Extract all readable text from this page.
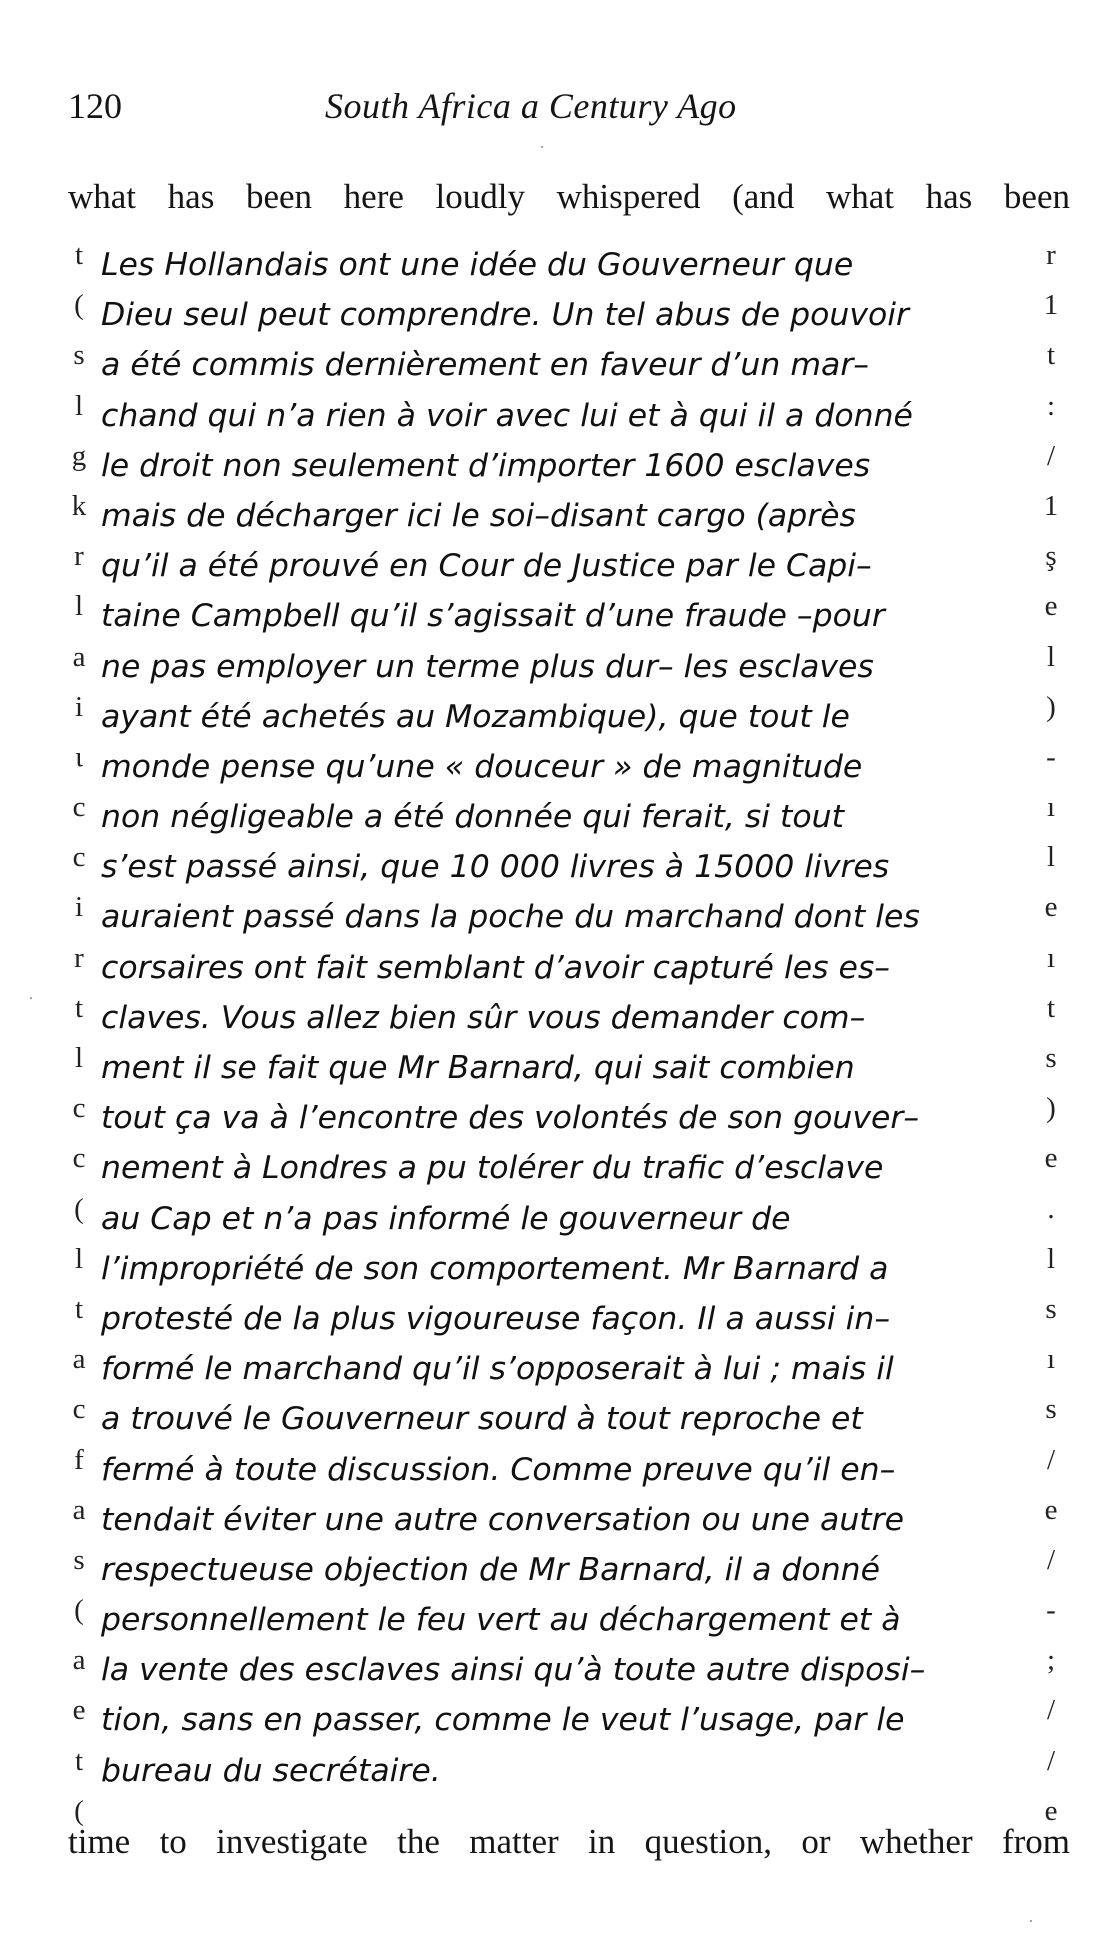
120	South Africa a Century Ago
what has been here loudly whispered (and what has been
t
(
s
l
g
k
r
l
a
i
ι
c
c
i
r
t
l
c
c
(
l
t
a
c
f
a
s
(
a
e
t
(
r
1
t
:
/
1
ş
e
l
)
-
ı
l
e
ı
t
s
)
e
.
l
s
ı
s
/
e
/
-
;
/
/
e
Les Hollandais ont une idée du Gouverneur que
Dieu seul peut comprendre. Un tel abus de pouvoir
a été commis dernièrement en faveur d’un mar–
chand qui n’a rien à voir avec lui et à qui il a donné
le droit non seulement d’importer 1600 esclaves
mais de décharger ici le soi–disant cargo (après
qu’il a été prouvé en Cour de Justice par le Capi–
taine Campbell qu’il s’agissait d’une fraude –pour
ne pas employer un terme plus dur– les esclaves
ayant été achetés au Mozambique), que tout le
monde pense qu’une « douceur » de magnitude
non négligeable a été donnée qui ferait, si tout
s’est passé ainsi, que 10 000 livres à 15000 livres
auraient passé dans la poche du marchand dont les
corsaires ont fait semblant d’avoir capturé les es–
claves. Vous allez bien sûr vous demander com–
ment il se fait que Mr Barnard, qui sait combien
tout ça va à l’encontre des volontés de son gouver–
nement à Londres a pu tolérer du trafic d’esclave
au Cap et n’a pas informé le gouverneur de
l’impropriété de son comportement. Mr Barnard a
protesté de la plus vigoureuse façon. Il a aussi in–
formé le marchand qu’il s’opposerait à lui ; mais il
a trouvé le Gouverneur sourd à tout reproche et
fermé à toute discussion. Comme preuve qu’il en–
tendait éviter une autre conversation ou une autre
respectueuse objection de Mr Barnard, il a donné
personnellement le feu vert au déchargement et à
la vente des esclaves ainsi qu’à toute autre disposi–
tion, sans en passer, comme le veut l’usage, par le
bureau du secrétaire.
time to investigate the matter in question, or whether from
